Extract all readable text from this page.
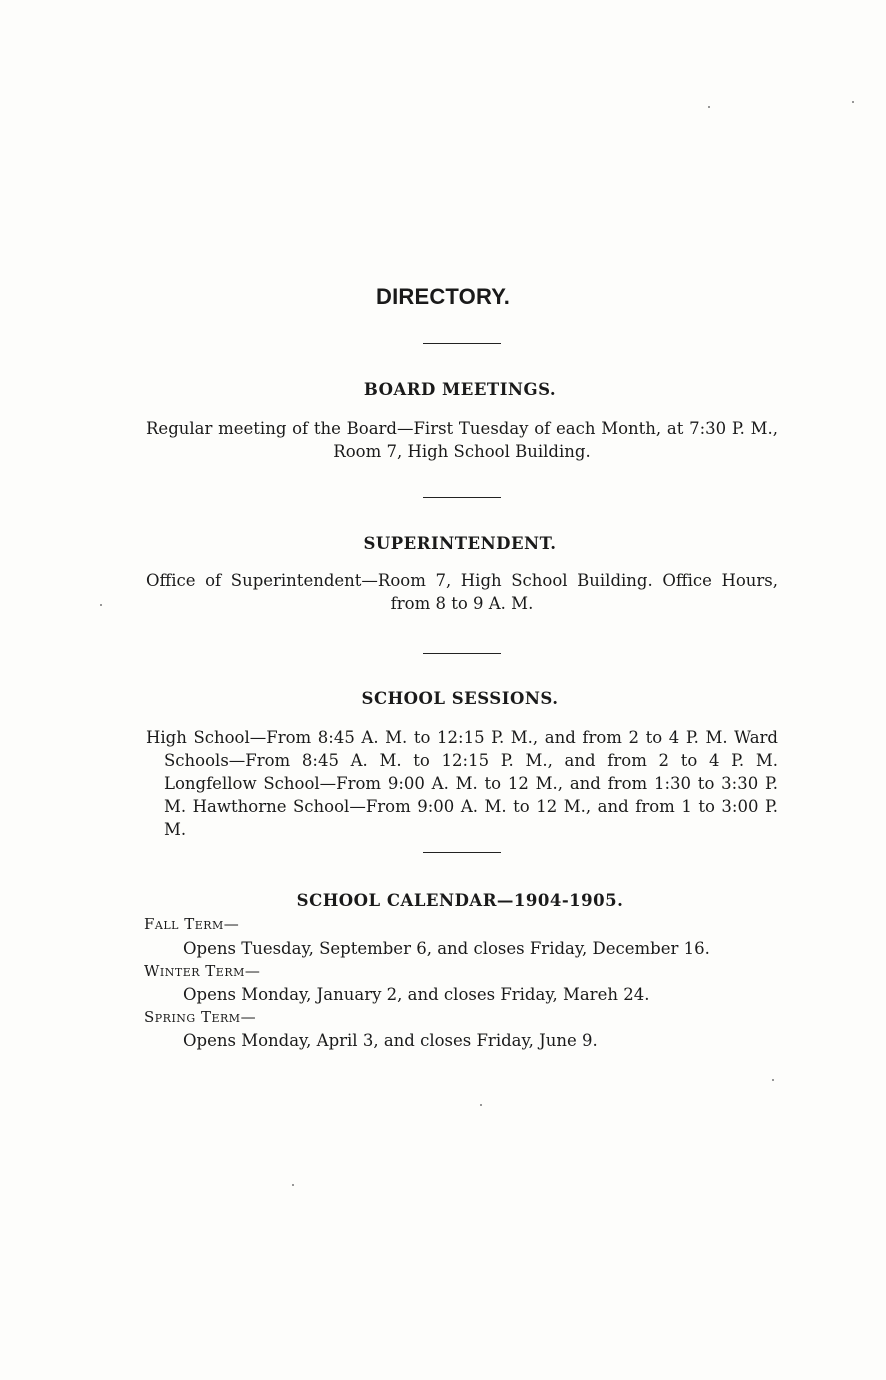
DIRECTORY.
BOARD MEETINGS.

Regular meeting of the Board—First Tuesday of each Month, at 7:30 P. M., Room 7, High School Building.

SUPERINTENDENT.

Office of Superintendent—Room 7, High School Building. Office Hours, from 8 to 9 A. M.

SCHOOL SESSIONS.

High School—From 8:45 A. M. to 12:15 P. M., and from 2 to 4 P. M. Ward Schools—From 8:45 A. M. to 12:15 P. M., and from 2 to 4 P. M. Longfellow School—From 9:00 A. M. to 12 M., and from 1:30 to 3:30 P. M. Hawthorne School—From 9:00 A. M. to 12 M., and from 1 to 3:00 P. M.

SCHOOL CALENDAR—1904-1905.

Fall Term—

Opens Tuesday, September 6, and closes Friday, December 16.

Winter Term—

Opens Monday, January 2, and closes Friday, Mareh 24.

Spring Term—

Opens Monday, April 3, and closes Friday, June 9.
